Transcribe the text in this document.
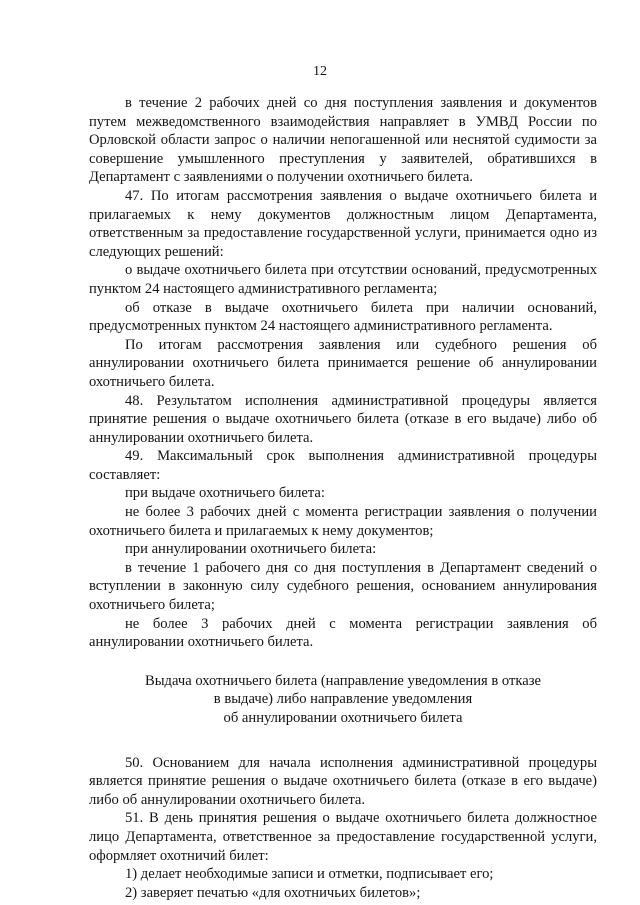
12

в течение 2 рабочих дней со дня поступления заявления и документов путем межведомственного взаимодействия направляет в УМВД России по Орловской области запрос о наличии непогашенной или неснятой судимости за совершение умышленного преступления у заявителей, обратившихся в Департамент с заявлениями о получении охотничьего билета.

47. По итогам рассмотрения заявления о выдаче охотничьего билета и прилагаемых к нему документов должностным лицом Департамента, ответственным за предоставление государственной услуги, принимается одно из следующих решений:

о выдаче охотничьего билета при отсутствии оснований, предусмотренных пунктом 24 настоящего административного регламента;

об отказе в выдаче охотничьего билета при наличии оснований, предусмотренных пунктом 24 настоящего административного регламента.

По итогам рассмотрения заявления или судебного решения об аннулировании охотничьего билета принимается решение об аннулировании охотничьего билета.

48. Результатом исполнения административной процедуры является принятие решения о выдаче охотничьего билета (отказе в его выдаче) либо об аннулировании охотничьего билета.

49. Максимальный срок выполнения административной процедуры составляет:

при выдаче охотничьего билета:

не более 3 рабочих дней с момента регистрации заявления о получении охотничьего билета и прилагаемых к нему документов;

при аннулировании охотничьего билета:

в течение 1 рабочего дня со дня поступления в Департамент сведений о вступлении в законную силу судебного решения, основанием аннулирования охотничьего билета;

не более 3 рабочих дней с момента регистрации заявления об аннулировании охотничьего билета.

Выдача охотничьего билета (направление уведомления в отказе
в выдаче) либо направление уведомления
об аннулировании охотничьего билета

50. Основанием для начала исполнения административной процедуры является принятие решения о выдаче охотничьего билета (отказе в его выдаче) либо об аннулировании охотничьего билета.

51. В день принятия решения о выдаче охотничьего билета должностное лицо Департамента, ответственное за предоставление государственной услуги, оформляет охотничий билет:

1) делает необходимые записи и отметки, подписывает его;

2) заверяет печатью «для охотничьих билетов»;
